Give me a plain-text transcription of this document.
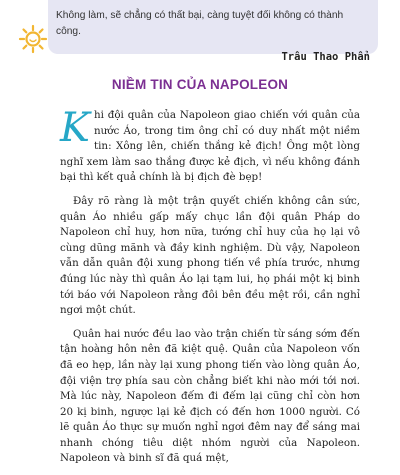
Không làm, sẽ chẳng có thất bại, càng tuyệt đối không có thành công.
Trâu Thao Phẩn
NIỀM TIN CỦA NAPOLEON

Khi đội quân của Napoleon giao chiến với quân của nước Áo, trong tim ông chỉ có duy nhất một niềm tin: Xông lên, chiến thắng kẻ địch! Ông một lòng nghĩ xem làm sao thắng được kẻ địch, vì nếu không đánh bại thì kết quả chính là bị địch đè bẹp!

Đây rõ ràng là một trận quyết chiến không cân sức, quân Áo nhiều gấp mấy chục lần đội quân Pháp do Napoleon chỉ huy, hơn nữa, tướng chỉ huy của họ lại vô cùng dũng mãnh và đầy kinh nghiệm. Dù vậy, Napoleon vẫn dẫn quân đội xung phong tiến về phía trước, nhưng đúng lúc này thì quân Áo lại tạm lui, họ phái một kị binh tới báo với Napoleon rằng đôi bên đều mệt rồi, cần nghỉ ngơi một chút.

Quân hai nước đều lao vào trận chiến từ sáng sớm đến tận hoàng hôn nên đã kiệt quệ. Quân của Napoleon vốn đã eo hẹp, lần này lại xung phong tiến vào lòng quân Áo, đội viện trợ phía sau còn chẳng biết khi nào mới tới nơi. Mà lúc này, Napoleon đếm đi đếm lại cũng chỉ còn hơn 20 kị binh, ngược lại kẻ địch có đến hơn 1000 người. Có lẽ quân Áo thực sự muốn nghỉ ngơi đêm nay để sáng mai nhanh chóng tiêu diệt nhóm người của Napoleon. Napoleon và binh sĩ đã quá mệt,
